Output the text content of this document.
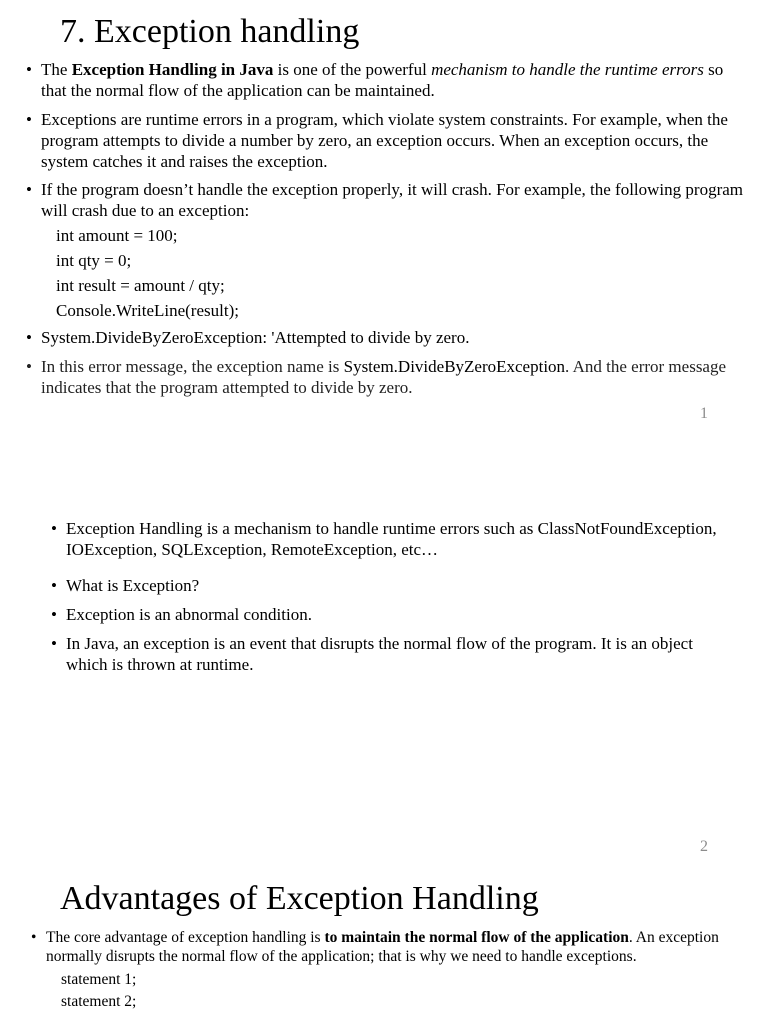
7. Exception handling
• The Exception Handling in Java is one of the powerful mechanism to handle the runtime errors so that the normal flow of the application can be maintained.
• Exceptions are runtime errors in a program, which violate system constraints. For example, when the program attempts to divide a number by zero, an exception occurs. When an exception occurs, the system catches it and raises the exception.
• If the program doesn’t handle the exception properly, it will crash. For example, the following program will crash due to an exception:
int amount = 100;
int qty = 0;
int result = amount / qty;
Console.WriteLine(result);
• System.DivideByZeroException: 'Attempted to divide by zero.
• In this error message, the exception name is System.DivideByZeroException. And the error message indicates that the program attempted to divide by zero.
1
• Exception Handling is a mechanism to handle runtime errors such as ClassNotFoundException, IOException, SQLException, RemoteException, etc…
• What is Exception?
• Exception is an abnormal condition.
• In Java, an exception is an event that disrupts the normal flow of the program. It is an object which is thrown at runtime.
2
Advantages of Exception Handling
• The core advantage of exception handling is to maintain the normal flow of the application. An exception normally disrupts the normal flow of the application; that is why we need to handle exceptions.
statement 1;
statement 2;
